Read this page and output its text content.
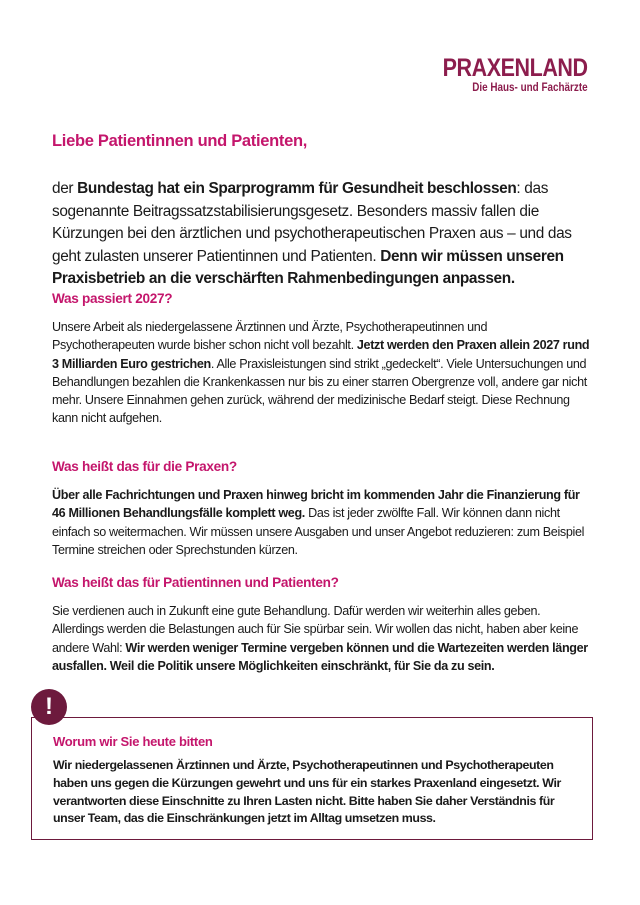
PRAXENLAND
Die Haus- und Fachärzte
Liebe Patientinnen und Patienten,

der Bundestag hat ein Sparprogramm für Gesundheit beschlossen: das sogenannte Beitragssatzstabilisierungsgesetz. Besonders massiv fallen die Kürzungen bei den ärztlichen und psychotherapeutischen Praxen aus – und das geht zulasten unserer Patientinnen und Patienten. Denn wir müssen unseren Praxisbetrieb an die verschärften Rahmenbedingungen anpassen.

Was passiert 2027?

Unsere Arbeit als niedergelassene Ärztinnen und Ärzte, Psychotherapeutinnen und Psychotherapeuten wurde bisher schon nicht voll bezahlt. Jetzt werden den Praxen allein 2027 rund 3 Milliarden Euro gestrichen. Alle Praxisleistungen sind strikt „gedeckelt“. Viele Untersuchungen und Behandlungen bezahlen die Krankenkassen nur bis zu einer starren Obergrenze voll, andere gar nicht mehr. Unsere Einnahmen gehen zurück, während der medizinische Bedarf steigt. Diese Rechnung kann nicht aufgehen.

Was heißt das für die Praxen?

Über alle Fachrichtungen und Praxen hinweg bricht im kommenden Jahr die Finanzierung für 46 Millionen Behandlungsfälle komplett weg. Das ist jeder zwölfte Fall. Wir können dann nicht einfach so weitermachen. Wir müssen unsere Ausgaben und unser Angebot reduzieren: zum Beispiel Termine streichen oder Sprechstunden kürzen.

Was heißt das für Patientinnen und Patienten?

Sie verdienen auch in Zukunft eine gute Behandlung. Dafür werden wir weiterhin alles geben. Allerdings werden die Belastungen auch für Sie spürbar sein. Wir wollen das nicht, haben aber keine andere Wahl: Wir werden weniger Termine vergeben können und die Wartezeiten werden länger ausfallen. Weil die Politik unsere Möglichkeiten einschränkt, für Sie da zu sein.

Worum wir Sie heute bitten

Wir niedergelassenen Ärztinnen und Ärzte, Psychotherapeutinnen und Psychotherapeuten haben uns gegen die Kürzungen gewehrt und uns für ein starkes Praxenland eingesetzt. Wir verantworten diese Einschnitte zu Ihren Lasten nicht. Bitte haben Sie daher Verständnis für unser Team, das die Einschränkungen jetzt im Alltag umsetzen muss.

!
